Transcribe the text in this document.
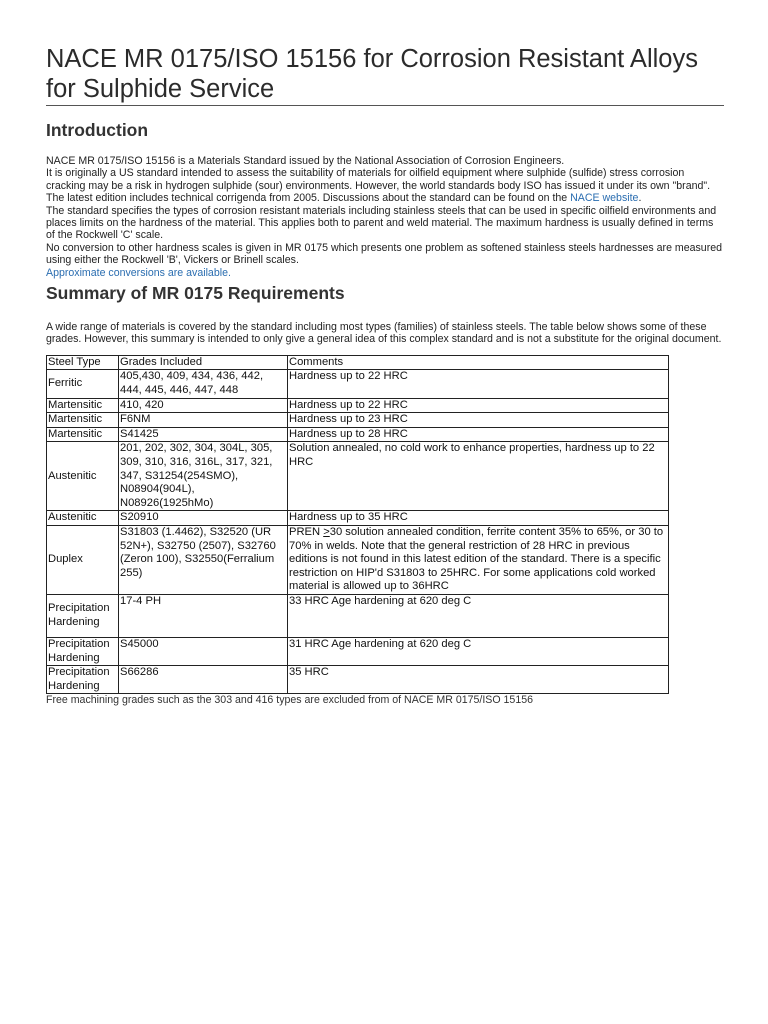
NACE MR 0175/ISO 15156 for Corrosion Resistant Alloys for Sulphide Service
Introduction

NACE MR 0175/ISO 15156 is a Materials Standard issued by the National Association of Corrosion Engineers.

It is originally a US standard intended to assess the suitability of materials for oilfield equipment where sulphide (sulfide) stress corrosion cracking may be a risk in hydrogen sulphide (sour) environments. However, the world standards body ISO has issued it under its own "brand". The latest edition includes technical corrigenda from 2005. Discussions about the standard can be found on the NACE website.

The standard specifies the types of corrosion resistant materials including stainless steels that can be used in specific oilfield environments and places limits on the hardness of the material. This applies both to parent and weld material. The maximum hardness is usually defined in terms of the Rockwell 'C' scale.

No conversion to other hardness scales is given in MR 0175 which presents one problem as softened stainless steels hardnesses are measured using either the Rockwell 'B', Vickers or Brinell scales.

Approximate conversions are available.

Summary of MR 0175 Requirements

A wide range of materials is covered by the standard including most types (families) of stainless steels. The table below shows some of these grades. However, this summary is intended to only give a general idea of this complex standard and is not a substitute for the original document.

Steel Type	Grades Included	Comments
Ferritic	405,430, 409, 434, 436, 442, 444, 445, 446, 447, 448	Hardness up to 22 HRC
Martensitic	410, 420	Hardness up to 22 HRC
Martensitic	F6NM	Hardness up to 23 HRC
Martensitic	S41425	Hardness up to 28 HRC
Austenitic	201, 202, 302, 304, 304L, 305, 309, 310, 316, 316L, 317, 321, 347, S31254(254SMO), N08904(904L), N08926(1925hMo)	Solution annealed, no cold work to enhance properties, hardness up to 22 HRC
Austenitic	S20910	Hardness up to 35 HRC
Duplex	S31803 (1.4462), S32520 (UR 52N+), S32750 (2507), S32760 (Zeron 100), S32550(Ferralium 255)	PREN >30 solution annealed condition, ferrite content 35% to 65%, or 30 to 70% in welds. Note that the general restriction of 28 HRC in previous editions is not found in this latest edition of the standard. There is a specific restriction on HIP'd S31803 to 25HRC. For some applications cold worked material is allowed up to 36HRC
Precipitation Hardening	17-4 PH	33 HRC Age hardening at 620 deg C
Precipitation Hardening	S45000	31 HRC Age hardening at 620 deg C
Precipitation Hardening	S66286	35 HRC

Free machining grades such as the 303 and 416 types are excluded from of NACE MR 0175/ISO 15156
